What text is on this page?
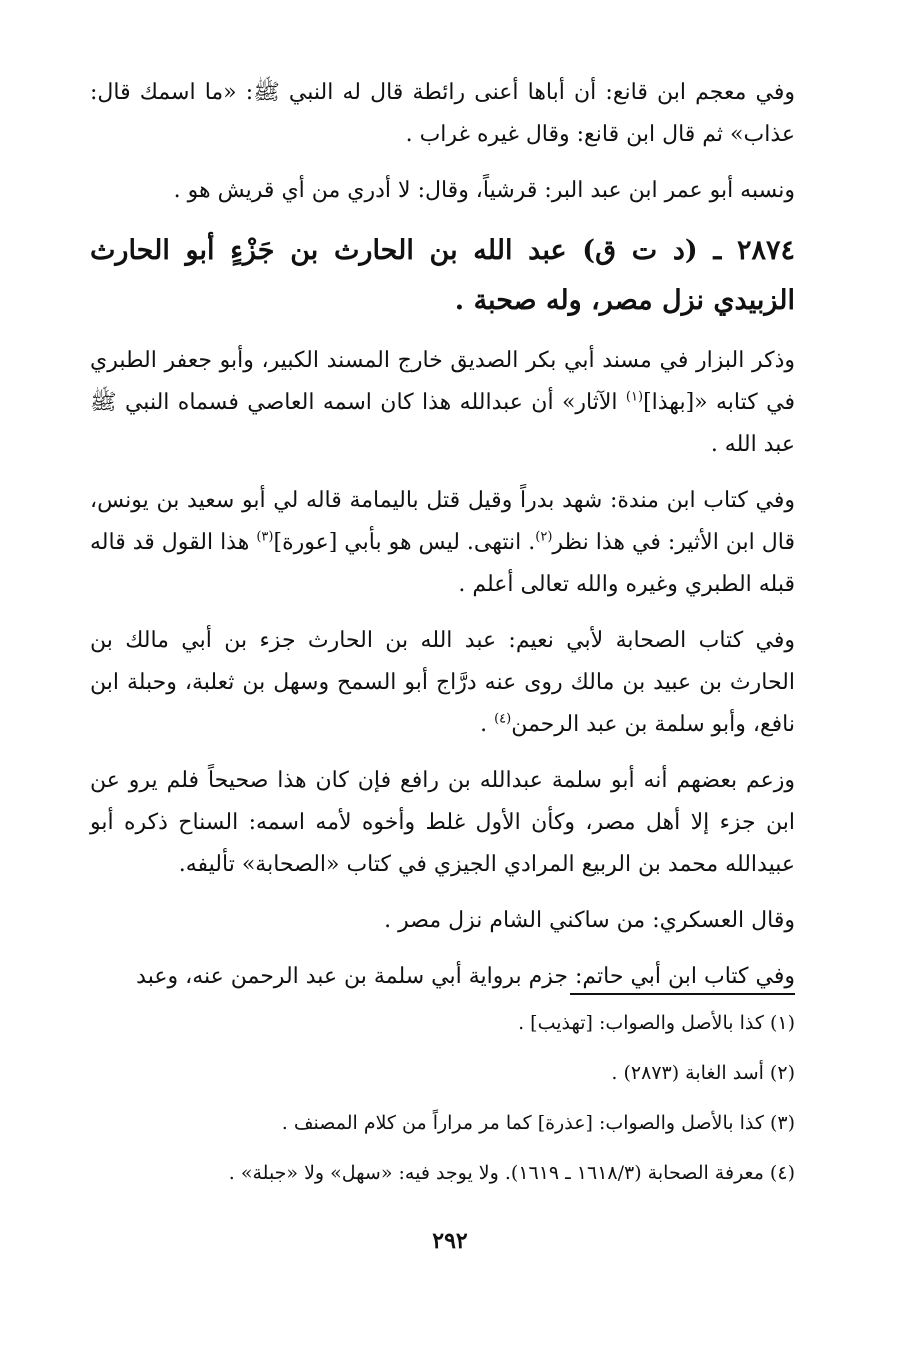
وفي معجم ابن قانع: أن أباها أعنى رائطة قال له النبي ﷺ: «ما اسمك قال: عذاب» ثم قال ابن قانع: وقال غيره غراب .

ونسبه أبو عمر ابن عبد البر: قرشياً، وقال: لا أدري من أي قريش هو .

٢٨٧٤ ـ (د ت ق) عبد الله بن الحارث بن جَزْءٍ أبو الحارث الزبيدي نزل مصر، وله صحبة .

وذكر البزار في مسند أبي بكر الصديق خارج المسند الكبير، وأبو جعفر الطبري في كتابه «[بهذا]$^{(١)}$ الآثار» أن عبدالله هذا كان اسمه العاصي فسماه النبي ﷺ عبد الله .

وفي كتاب ابن مندة: شهد بدراً وقيل قتل باليمامة قاله لي أبو سعيد بن يونس، قال ابن الأثير: في هذا نظر$^{(٢)}$. انتهى. ليس هو بأبي [عورة]$^{(٣)}$ هذا القول قد قاله قبله الطبري وغيره والله تعالى أعلم .

وفي كتاب الصحابة لأبي نعيم: عبد الله بن الحارث جزء بن أبي مالك بن الحارث بن عبيد بن مالك روى عنه درَّاج أبو السمح وسهل بن ثعلبة، وحبلة ابن نافع، وأبو سلمة بن عبد الرحمن$^{(٤)}$ .

وزعم بعضهم أنه أبو سلمة عبدالله بن رافع فإن كان هذا صحيحاً فلم يرو عن ابن جزء إلا أهل مصر، وكأن الأول غلط وأخوه لأمه اسمه: السناح ذكره أبو عبيدالله محمد بن الربيع المرادي الجيزي في كتاب «الصحابة» تأليفه.

وقال العسكري: من ساكني الشام نزل مصر .

وفي كتاب ابن أبي حاتم: جزم برواية أبي سلمة بن عبد الرحمن عنه، وعبد

(١) كذا بالأصل والصواب: [تهذيب] .

(٢) أسد الغابة (٢٨٧٣) .

(٣) كذا بالأصل والصواب: [عذرة] كما مر مراراً من كلام المصنف .

(٤) معرفة الصحابة (١٦١٨/٣ ـ ١٦١٩). ولا يوجد فيه: «سهل» ولا «جبلة» .

٢٩٢
